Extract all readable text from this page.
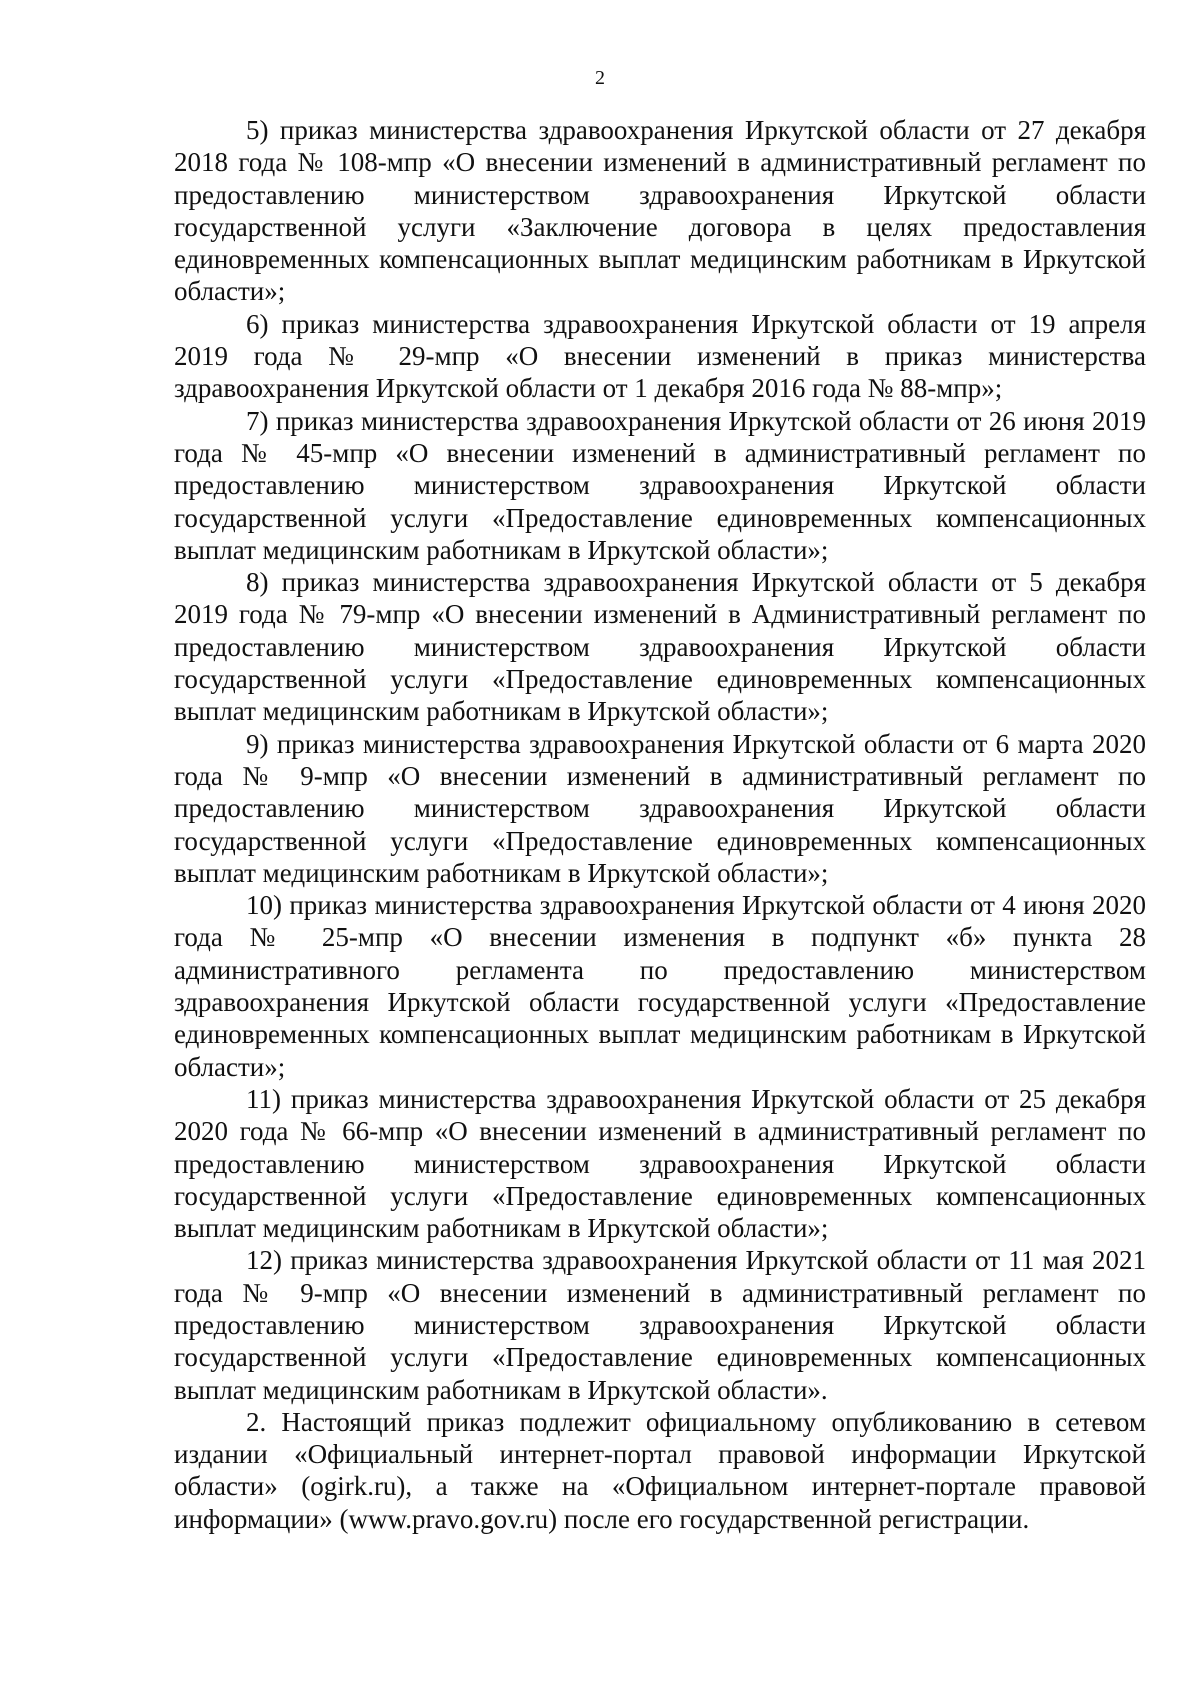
2

5) приказ министерства здравоохранения Иркутской области от 27 декабря 2018 года № 108-мпр «О внесении изменений в административный регламент по предоставлению министерством здравоохранения Иркутской области государственной услуги «Заключение договора в целях предоставления единовременных компенсационных выплат медицинским работникам в Иркутской области»;

6) приказ министерства здравоохранения Иркутской области от 19 апреля 2019 года № 29-мпр «О внесении изменений в приказ министерства здравоохранения Иркутской области от 1 декабря 2016 года № 88-мпр»;

7) приказ министерства здравоохранения Иркутской области от 26 июня 2019 года № 45-мпр «О внесении изменений в административный регламент по предоставлению министерством здравоохранения Иркутской области государственной услуги «Предоставление единовременных компенсационных выплат медицинским работникам в Иркутской области»;

8) приказ министерства здравоохранения Иркутской области от 5 декабря 2019 года № 79-мпр «О внесении изменений в Административный регламент по предоставлению министерством здравоохранения Иркутской области государственной услуги «Предоставление единовременных компенсационных выплат медицинским работникам в Иркутской области»;

9) приказ министерства здравоохранения Иркутской области от 6 марта 2020 года № 9-мпр «О внесении изменений в административный регламент по предоставлению министерством здравоохранения Иркутской области государственной услуги «Предоставление единовременных компенсационных выплат медицинским работникам в Иркутской области»;

10) приказ министерства здравоохранения Иркутской области от 4 июня 2020 года № 25-мпр «О внесении изменения в подпункт «б» пункта 28 административного регламента по предоставлению министерством здравоохранения Иркутской области государственной услуги «Предоставление единовременных компенсационных выплат медицинским работникам в Иркутской области»;

11) приказ министерства здравоохранения Иркутской области от 25 декабря 2020 года № 66-мпр «О внесении изменений в административный регламент по предоставлению министерством здравоохранения Иркутской области государственной услуги «Предоставление единовременных компенсационных выплат медицинским работникам в Иркутской области»;

12) приказ министерства здравоохранения Иркутской области от 11 мая 2021 года № 9-мпр «О внесении изменений в административный регламент по предоставлению министерством здравоохранения Иркутской области государственной услуги «Предоставление единовременных компенсационных выплат медицинским работникам в Иркутской области».

2. Настоящий приказ подлежит официальному опубликованию в сетевом издании «Официальный интернет-портал правовой информации Иркутской области» (ogirk.ru), а также на «Официальном интернет-портале правовой информации» (www.pravo.gov.ru) после его государственной регистрации.
